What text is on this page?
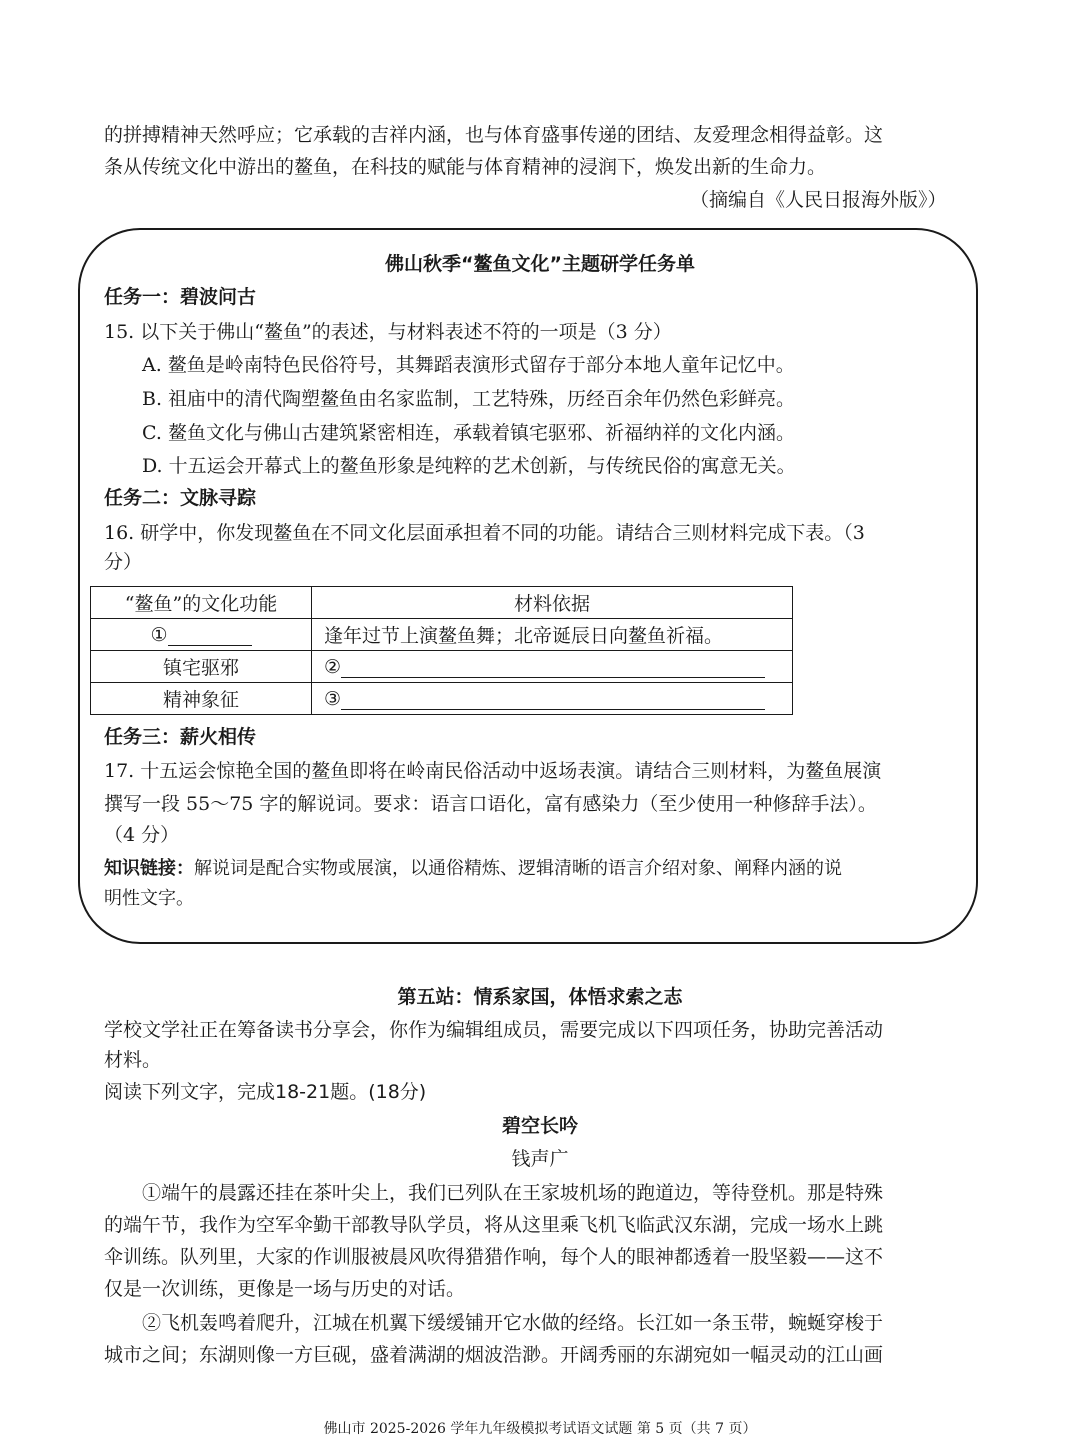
的拼搏精神天然呼应；它承载的吉祥内涵，也与体育盛事传递的团结、友爱理念相得益彰。这
条从传统文化中游出的鳌鱼，在科技的赋能与体育精神的浸润下，焕发出新的生命力。
（摘编自《人民日报海外版》）
佛山秋季“鳌鱼文化”主题研学任务单
任务一：碧波问古
15. 以下关于佛山“鳌鱼”的表述，与材料表述不符的一项是（3 分）
A. 鳌鱼是岭南特色民俗符号，其舞蹈表演形式留存于部分本地人童年记忆中。
B. 祖庙中的清代陶塑鳌鱼由名家监制，工艺特殊，历经百余年仍然色彩鲜亮。
C. 鳌鱼文化与佛山古建筑紧密相连，承载着镇宅驱邪、祈福纳祥的文化内涵。
D. 十五运会开幕式上的鳌鱼形象是纯粹的艺术创新，与传统民俗的寓意无关。
任务二：文脉寻踪
16. 研学中，你发现鳌鱼在不同文化层面承担着不同的功能。请结合三则材料完成下表。（3
分）
“鳌鱼”的文化功能	材料依据
①	逢年过节上演鳌鱼舞；北帝诞辰日向鳌鱼祈福。
镇宅驱邪	②
精神象征	③
任务三：薪火相传
17. 十五运会惊艳全国的鳌鱼即将在岭南民俗活动中返场表演。请结合三则材料，为鳌鱼展演
撰写一段 55～75 字的解说词。要求：语言口语化，富有感染力（至少使用一种修辞手法）。
（4 分）
知识链接：解说词是配合实物或展演，以通俗精炼、逻辑清晰的语言介绍对象、阐释内涵的说
明性文字。
第五站：情系家国，体悟求索之志
学校文学社正在筹备读书分享会，你作为编辑组成员，需要完成以下四项任务，协助完善活动
材料。
阅读下列文字，完成18-21题。(18分)
碧空长吟
钱声广
①端午的晨露还挂在茶叶尖上，我们已列队在王家坡机场的跑道边，等待登机。那是特殊
的端午节，我作为空军伞勤干部教导队学员，将从这里乘飞机飞临武汉东湖，完成一场水上跳
伞训练。队列里，大家的作训服被晨风吹得猎猎作响，每个人的眼神都透着一股坚毅——这不
仅是一次训练，更像是一场与历史的对话。
②飞机轰鸣着爬升，江城在机翼下缓缓铺开它水做的经络。长江如一条玉带，蜿蜒穿梭于
城市之间；东湖则像一方巨砚，盛着满湖的烟波浩渺。开阔秀丽的东湖宛如一幅灵动的江山画
佛山市 2025-2026 学年九年级模拟考试语文试题 第 5 页（共 7 页）
